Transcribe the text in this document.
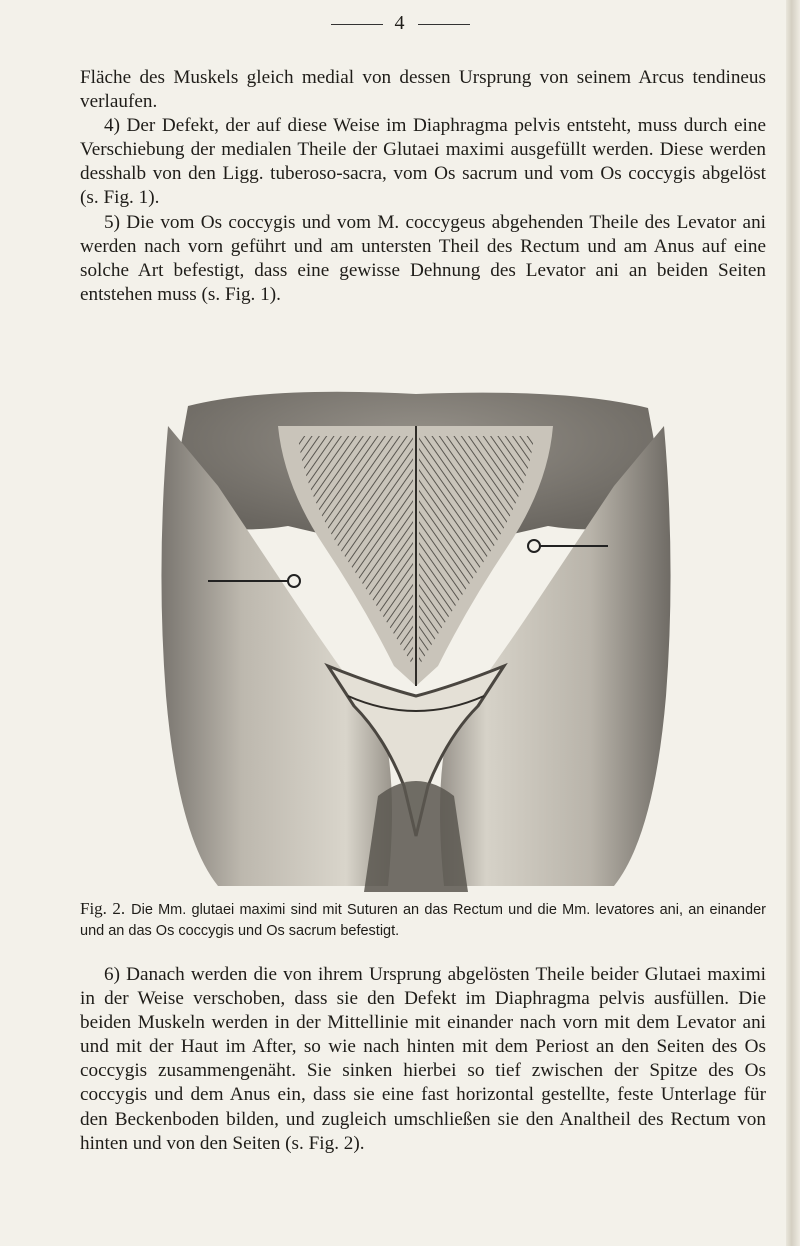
4

Fläche des Muskels gleich medial von dessen Ursprung von seinem Arcus tendineus verlaufen.

4) Der Defekt, der auf diese Weise im Diaphragma pelvis entsteht, muss durch eine Verschiebung der medialen Theile der Glutaei maximi ausgefüllt werden. Diese werden desshalb von den Ligg. tuberoso-sacra, vom Os sacrum und vom Os coccygis abgelöst (s. Fig. 1).

5) Die vom Os coccygis und vom M. coccygeus abgehenden Theile des Levator ani werden nach vorn geführt und am untersten Theil des Rectum und am Anus auf eine solche Art befestigt, dass eine gewisse Dehnung des Levator ani an beiden Seiten entstehen muss (s. Fig. 1).

Fig. 2. Die Mm. glutaei maximi sind mit Suturen an das Rectum und die Mm. levatores ani, an einander und an das Os coccygis und Os sacrum befestigt.

6) Danach werden die von ihrem Ursprung abgelösten Theile beider Glutaei maximi in der Weise verschoben, dass sie den Defekt im Diaphragma pelvis ausfüllen. Die beiden Muskeln werden in der Mittellinie mit einander nach vorn mit dem Levator ani und mit der Haut im After, so wie nach hinten mit dem Periost an den Seiten des Os coccygis zusammengenäht. Sie sinken hierbei so tief zwischen der Spitze des Os coccygis und dem Anus ein, dass sie eine fast horizontal gestellte, feste Unterlage für den Beckenboden bilden, und zugleich umschließen sie den Analtheil des Rectum von hinten und von den Seiten (s. Fig. 2).
